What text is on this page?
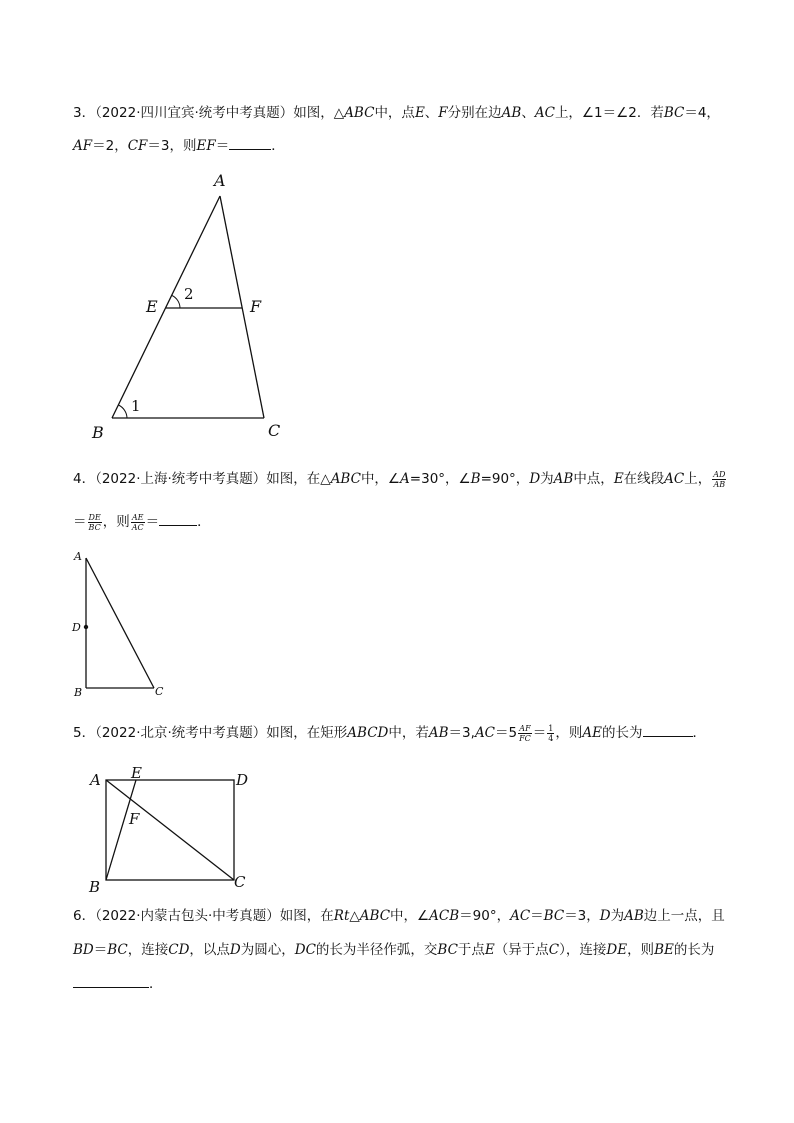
3．（2022·四川宜宾·统考中考真题）如图，△ABC中，点E、F分别在边AB、AC上，∠1＝∠2．若BC＝4，
AF＝2，CF＝3，则EF＝	．
A
E	F
B	C
2
1
4．（2022·上海·统考中考真题）如图，在△ABC中，∠A=30°，∠B=90°，D为AB中点，E在线段AC上， $\frac{AD}{AB}$
＝ $\frac{DE}{BC}$ ，则 $\frac{AE}{AC}$ ＝	．
A
D
B	C
5．（2022·北京·统考中考真题）如图，在矩形ABCD中，若$AB=3,AC=5 \frac{AF}{FC} = \frac{1}{4}$ ，则AE的长为	．
A E	D
F
B	C
6．（2022·内蒙古包头·中考真题）如图，在Rt△ABC中，∠ACB＝90°，AC＝BC＝3，D为AB边上一点，且
BD＝BC，连接CD，以点D为圆心，DC的长为半径作弧，交BC于点E（异于点C），连接DE，则BE的长为
．
